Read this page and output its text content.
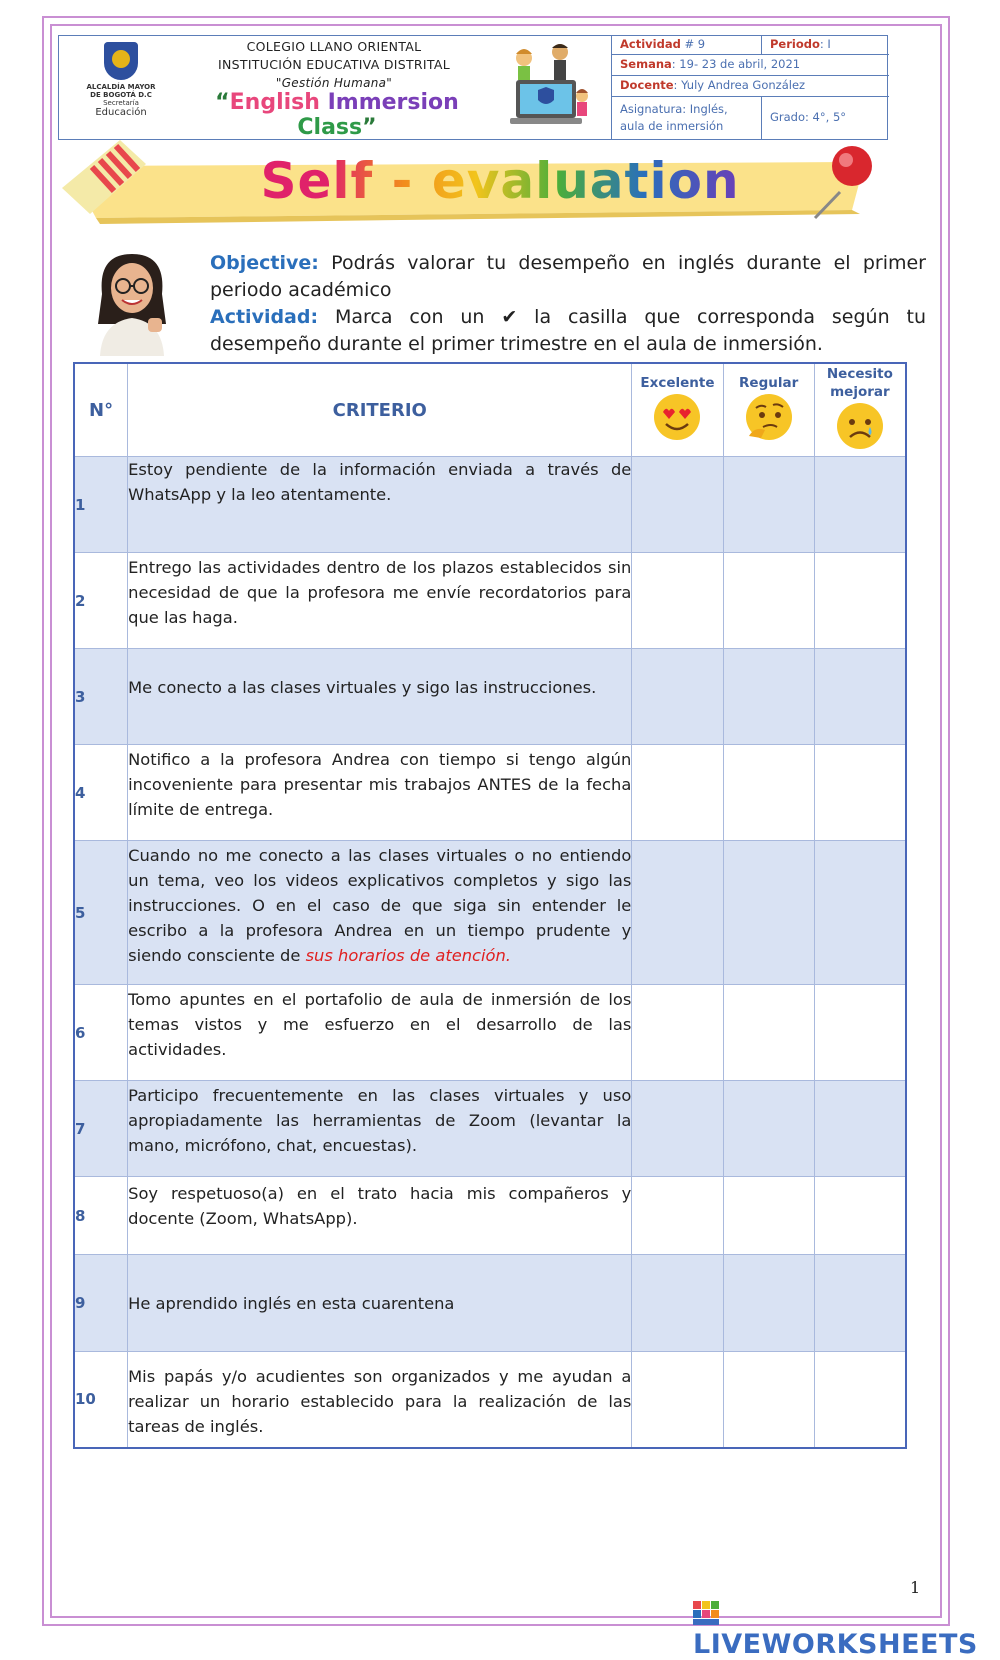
ALCALDÍA MAYOR
DE BOGOTÁ D.C
Secretaría
Educación
COLEGIO LLANO ORIENTAL
INSTITUCIÓN EDUCATIVA DISTRITAL
"Gestión Humana"
“English Immersion Class”
Actividad # 9	Periodo: I
Semana: 19- 23 de abril, 2021
Docente: Yuly Andrea González
Asignatura: Inglés,
aula de inmersión
Grado: 4°, 5°
Self - evaluation

Objective: Podrás valorar tu desempeño en inglés durante el primer periodo académico

Actividad: Marca con un ✔ la casilla que corresponda según tu desempeño durante el primer trimestre en el aula de inmersión.

N°	CRITERIO	Excelente	Regular	Necesito
mejorar

1	Estoy pendiente de la información enviada a través de WhatsApp y la leo atentamente.			
2	Entrego las actividades dentro de los plazos establecidos sin necesidad de que la profesora me envíe recordatorios para que las haga.			
3	Me conecto a las clases virtuales y sigo las instrucciones.			
4	Notifico a la profesora Andrea con tiempo si tengo algún incoveniente para presentar mis trabajos ANTES de la fecha límite de entrega.			
5	Cuando no me conecto a las clases virtuales o no entiendo un tema, veo los videos explicativos completos y sigo las instrucciones. O en el caso de que siga sin entender le escribo a la profesora Andrea en un tiempo prudente y siendo consciente de sus horarios de atención.			
6	Tomo apuntes en el portafolio de aula de inmersión de los temas vistos y me esfuerzo en el desarrollo de las actividades.			
7	Participo frecuentemente en las clases virtuales y uso apropiadamente las herramientas de Zoom (levantar la mano, micrófono, chat, encuestas).			
8	Soy respetuoso(a) en el trato hacia mis compañeros y docente (Zoom, WhatsApp).			
9	He aprendido inglés en esta cuarentena			
10	Mis papás y/o acudientes son organizados y me ayudan a realizar un horario establecido para la realización de las tareas de inglés.			
1
LIVEWORKSHEETS
